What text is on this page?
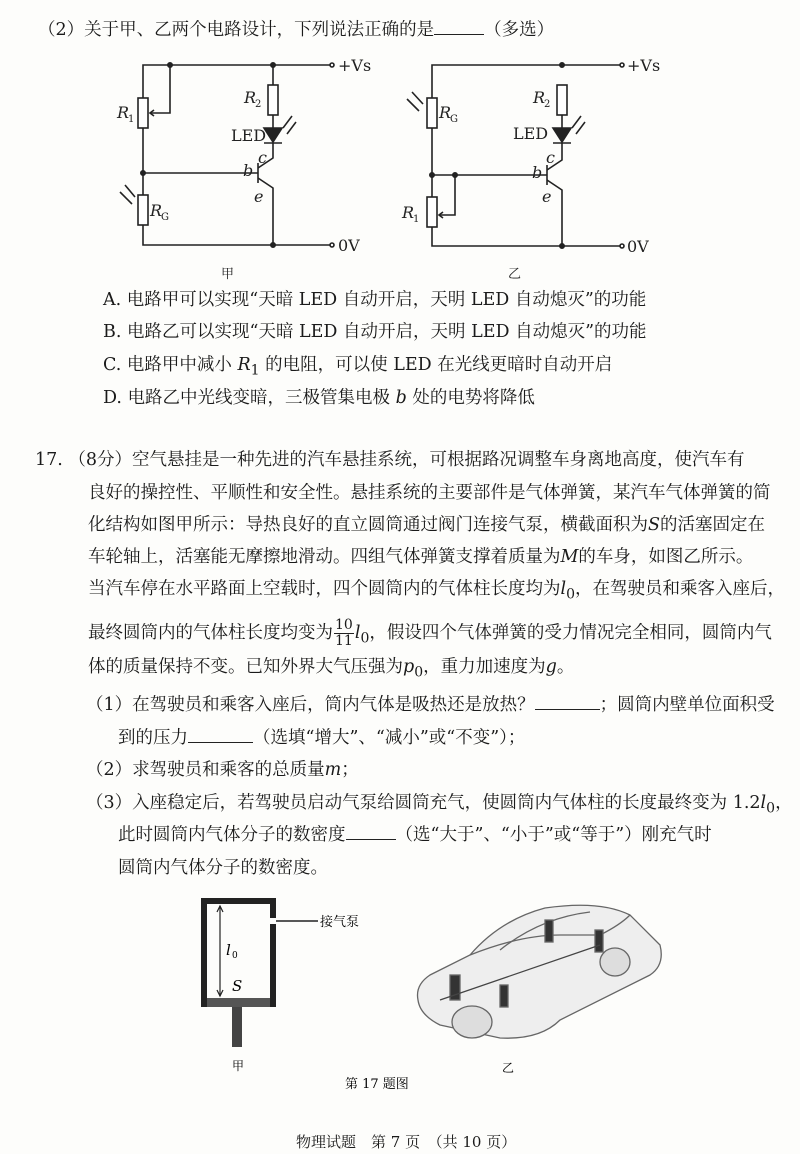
（2）关于甲、乙两个电路设计，下列说法正确的是	（多选）
+Vs
0V
R
1
R
G
R
2
LED
b
c
e
+Vs
0V
R
G
R
1
R
2
LED
b
c
e
甲	乙
A. 电路甲可以实现“天暗 LED 自动开启，天明 LED 自动熄灭”的功能
B. 电路乙可以实现“天暗 LED 自动开启，天明 LED 自动熄灭”的功能
C. 电路甲中减小 $R_1$ 的电阻，可以使 LED 在光线更暗时自动开启
D. 电路乙中光线变暗，三极管集电极 b 处的电势将降低
17. （8分）空气悬挂是一种先进的汽车悬挂系统，可根据路况调整车身离地高度，使汽车有
良好的操控性、平顺性和安全性。悬挂系统的主要部件是气体弹簧，某汽车气体弹簧的简
化结构如图甲所示：导热良好的直立圆筒通过阀门连接气泵，横截面积为S的活塞固定在
车轮轴上，活塞能无摩擦地滑动。四组气体弹簧支撑着质量为M的车身，如图乙所示。
当汽车停在水平路面上空载时，四个圆筒内的气体柱长度均为$l_0$，在驾驶员和乘客入座后，
最终圆筒内的气体柱长度均变为 $\frac{10}{11} l_0$，假设四个气体弹簧的受力情况完全相同，圆筒内气
体的质量保持不变。已知外界大气压强为$p_0$，重力加速度为g。
（1）在驾驶员和乘客入座后，筒内气体是吸热还是放热？	；圆筒内壁单位面积受
到的压力	（选填“增大”、“减小”或“不变”）；
（2）求驾驶员和乘客的总质量m；
（3）入座稳定后，若驾驶员启动气泵给圆筒充气，使圆筒内气体柱的长度最终变为 $1.2l_0$，
此时圆筒内气体分子的数密度	（选“大于”、“小于”或“等于”）刚充气时
圆筒内气体分子的数密度。
接气泵
l 0
S
甲	乙
第 17 题图
物理试题　第 7 页　（共 10 页）
